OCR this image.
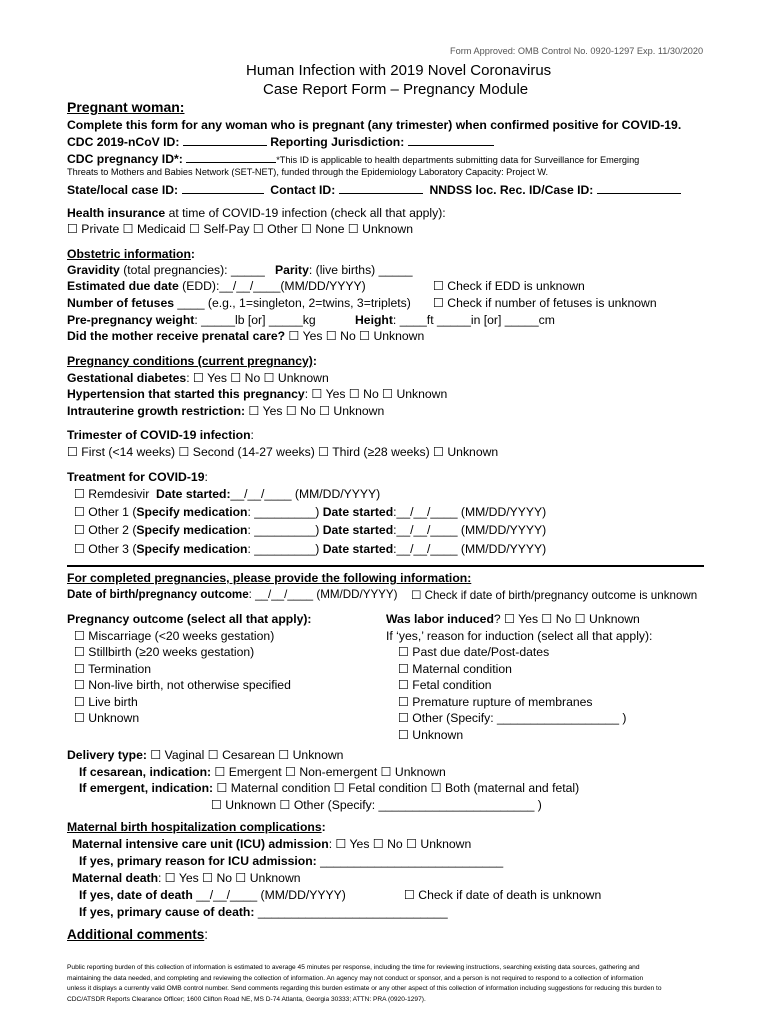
Form Approved: OMB Control No. 0920-1297 Exp. 11/30/2020
Human Infection with 2019 Novel Coronavirus
Case Report Form – Pregnancy Module
Pregnant woman:
Complete this form for any woman who is pregnant (any trimester) when confirmed positive for COVID-19.
CDC 2019-nCoV ID:	Reporting Jurisdiction:
CDC pregnancy ID*:	*This ID is applicable to health departments submitting data for Surveillance for Emerging
Threats to Mothers and Babies Network (SET-NET), funded through the Epidemiology Laboratory Capacity: Project W.
State/local case ID:	Contact ID:	NNDSS loc. Rec. ID/Case ID:
Health insurance at time of COVID-19 infection (check all that apply):
☐ Private ☐ Medicaid ☐ Self-Pay ☐ Other ☐ None ☐ Unknown
Obstetric information:
Gravidity (total pregnancies): _____ Parity: (live births) _____
Estimated due date (EDD):__/__/____(MM/DD/YYYY)	☐ Check if EDD is unknown
Number of fetuses ____ (e.g., 1=singleton, 2=twins, 3=triplets) ☐ Check if number of fetuses is unknown
Pre-pregnancy weight: _____lb [or] _____kg	Height: ____ft _____in [or] _____cm
Did the mother receive prenatal care? ☐ Yes ☐ No ☐ Unknown
Pregnancy conditions (current pregnancy):
Gestational diabetes: ☐ Yes ☐ No ☐ Unknown
Hypertension that started this pregnancy: ☐ Yes ☐ No ☐ Unknown
Intrauterine growth restriction: ☐ Yes ☐ No ☐ Unknown
Trimester of COVID-19 infection:
☐ First (<14 weeks) ☐ Second (14-27 weeks) ☐ Third (≥28 weeks) ☐ Unknown
Treatment for COVID-19:
☐ Remdesivir Date started:__/__/____ (MM/DD/YYYY)
☐ Other 1 (Specify medication: _________) Date started:__/__/____ (MM/DD/YYYY)
☐ Other 2 (Specify medication: _________) Date started:__/__/____ (MM/DD/YYYY)
☐ Other 3 (Specify medication: _________) Date started:__/__/____ (MM/DD/YYYY)
For completed pregnancies, please provide the following information:
Date of birth/pregnancy outcome: __/__/____ (MM/DD/YYYY) ☐ Check if date of birth/pregnancy outcome is unknown
Pregnancy outcome (select all that apply):
☐ Miscarriage (<20 weeks gestation)
☐ Stillbirth (≥20 weeks gestation)
☐ Termination
☐ Non-live birth, not otherwise specified
☐ Live birth
☐ Unknown
Was labor induced? ☐ Yes ☐ No ☐ Unknown
If ‘yes,’ reason for induction (select all that apply):
☐ Past due date/Post-dates
☐ Maternal condition
☐ Fetal condition
☐ Premature rupture of membranes
☐ Other (Specify: __________________ )
☐ Unknown
Delivery type: ☐ Vaginal ☐ Cesarean ☐ Unknown
If cesarean, indication: ☐ Emergent ☐ Non-emergent ☐ Unknown
If emergent, indication: ☐ Maternal condition ☐ Fetal condition ☐ Both (maternal and fetal)
☐ Unknown ☐ Other (Specify: _______________________ )
Maternal birth hospitalization complications:
Maternal intensive care unit (ICU) admission: ☐ Yes ☐ No ☐ Unknown
If yes, primary reason for ICU admission: ___________________________
Maternal death: ☐ Yes ☐ No ☐ Unknown
If yes, date of death __/__/____ (MM/DD/YYYY)	☐ Check if date of death is unknown
If yes, primary cause of death: ____________________________
Additional comments:
Public reporting burden of this collection of information is estimated to average 45 minutes per response, including the time for reviewing instructions, searching existing data sources, gathering and
maintaining the data needed, and completing and reviewing the collection of information. An agency may not conduct or sponsor, and a person is not required to respond to a collection of information
unless it displays a currently valid OMB control number. Send comments regarding this burden estimate or any other aspect of this collection of information including suggestions for reducing this burden to
CDC/ATSDR Reports Clearance Officer; 1600 Clifton Road NE, MS D-74 Atlanta, Georgia 30333; ATTN: PRA (0920-1297).
